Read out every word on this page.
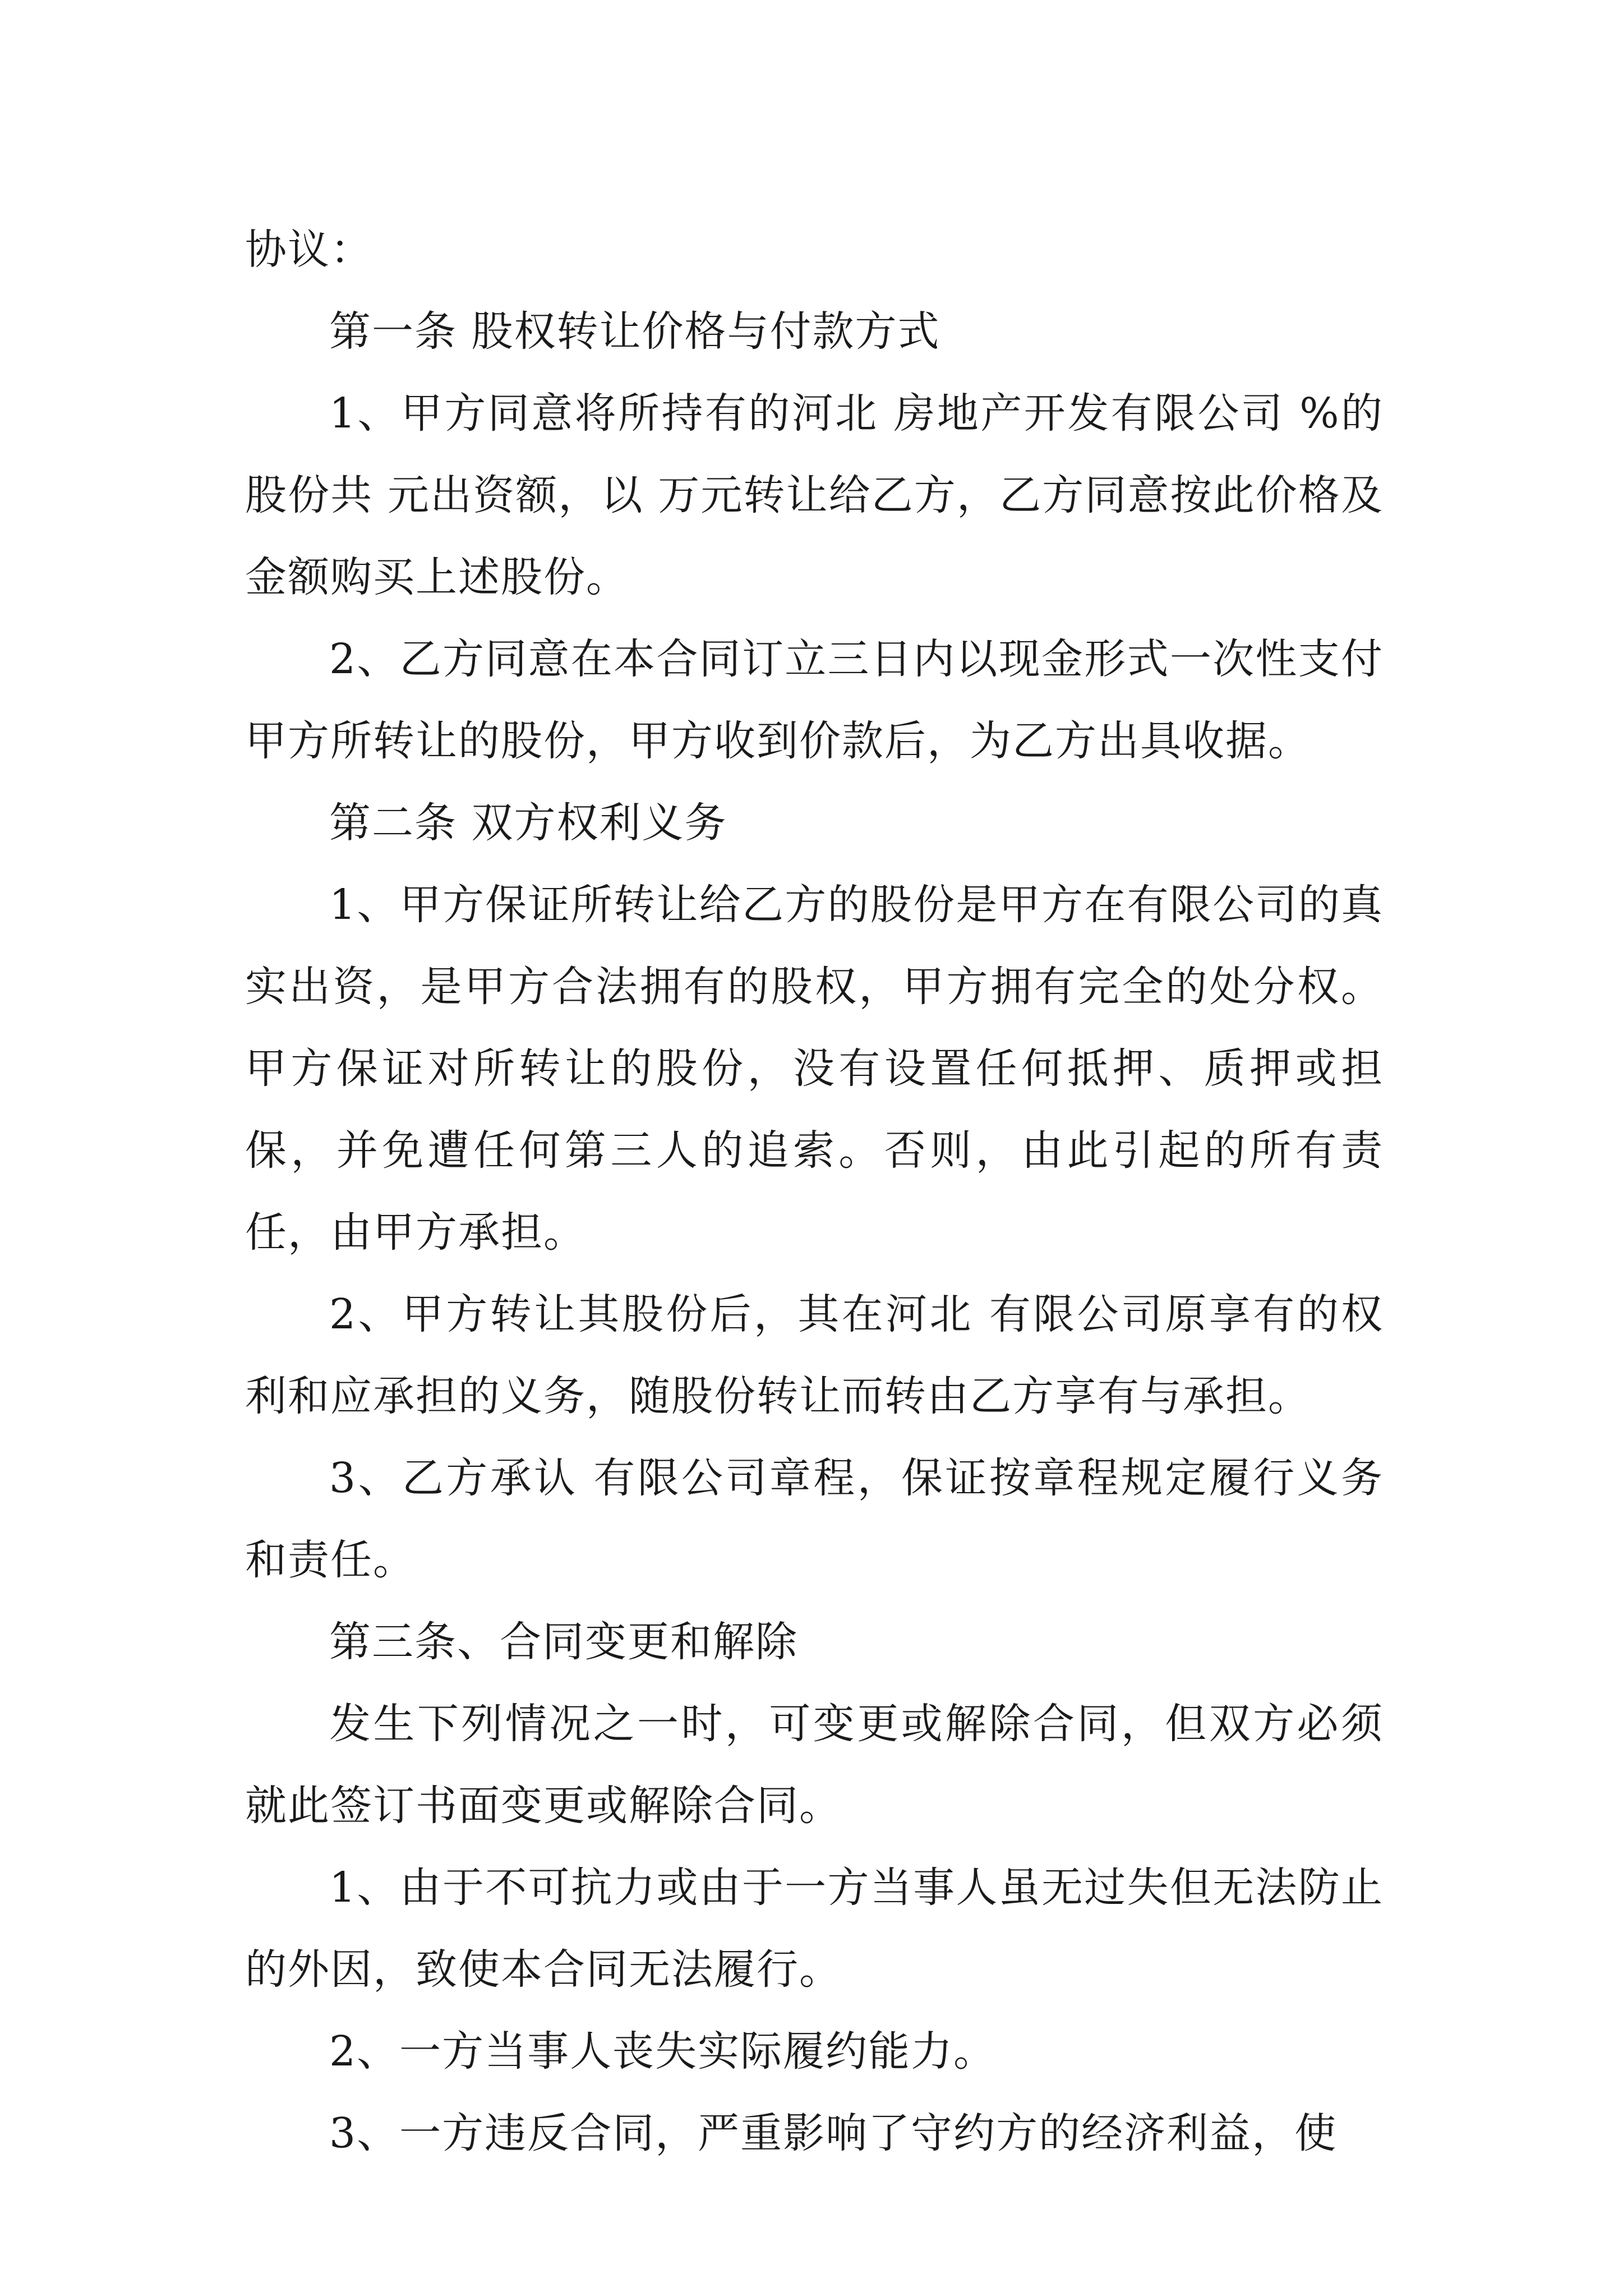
协议：

第一条 股权转让价格与付款方式

1、甲方同意将所持有的河北 房地产开发有限公司 %的股份共 元出资额，以 万元转让给乙方，乙方同意按此价格及金额购买上述股份。

2、乙方同意在本合同订立三日内以现金形式一次性支付甲方所转让的股份，甲方收到价款后，为乙方出具收据。

第二条 双方权利义务

1、甲方保证所转让给乙方的股份是甲方在有限公司的真实出资，是甲方合法拥有的股权，甲方拥有完全的处分权。甲方保证对所转让的股份，没有设置任何抵押、质押或担保，并免遭任何第三人的追索。否则，由此引起的所有责任，由甲方承担。

2、甲方转让其股份后，其在河北 有限公司原享有的权利和应承担的义务，随股份转让而转由乙方享有与承担。

3、乙方承认 有限公司章程，保证按章程规定履行义务和责任。

第三条、合同变更和解除

发生下列情况之一时，可变更或解除合同，但双方必须就此签订书面变更或解除合同。

1、由于不可抗力或由于一方当事人虽无过失但无法防止的外因，致使本合同无法履行。

2、一方当事人丧失实际履约能力。

3、一方违反合同，严重影响了守约方的经济利益，使
